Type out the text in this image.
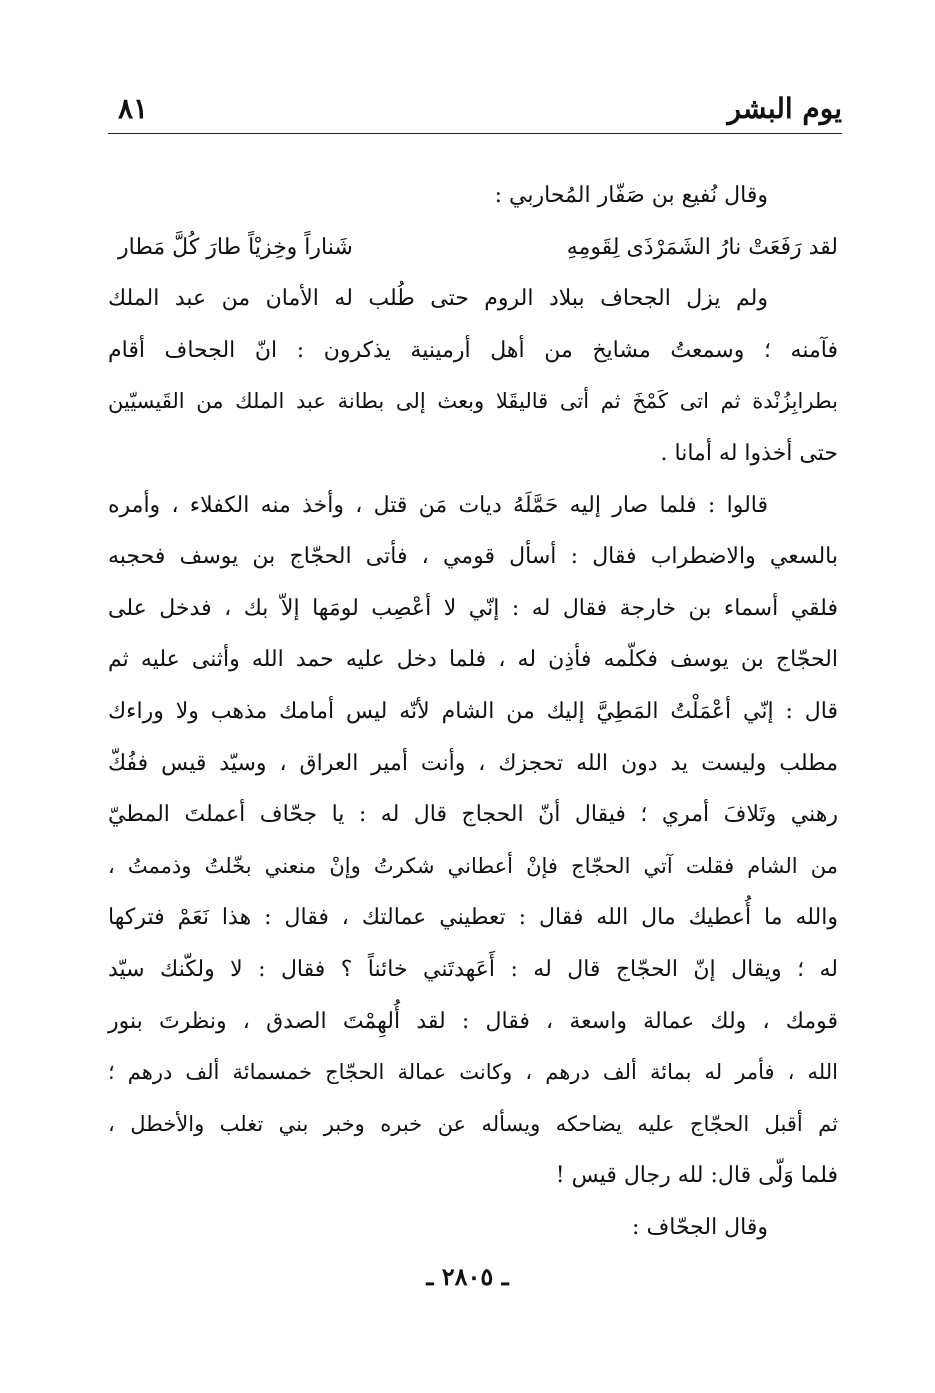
يوم البشر
٨١
وقال نُفيع بن صَفّار المُحاربي :
لقد رَفَعَتْ نارُ الشَمَرْذَى لِقَومِهِ
شَناراً وخِزيْاً طارَ كُلَّ مَطار
ولم يزل الجحاف ببلاد الروم حتى طُلب له الأمان من عبد الملك
فآمنه ؛ وسمعتُ مشايخ من أهل أرمينية يذكرون : انّ الجحاف أقام
بطرابِزُنْدة ثم اتى كَمْخَ ثم أتى قاليقَلا وبعث إلى بطانة عبد الملك من القَيسيّين
حتى أخذوا له أمانا .
قالوا : فلما صار إليه حَمَّلَهُ ديات مَن قتل ، وأخذ منه الكفلاء ، وأمره
بالسعي والاضطراب فقال : أسأل قومي ، فأتى الحجّاج بن يوسف فحجبه
فلقي أسماء بن خارجة فقال له : إنّي لا أعْصِب لومَها إلاّ بك ، فدخل على
الحجّاج بن يوسف فكلّمه فأذِن له ، فلما دخل عليه حمد الله وأثنى عليه ثم
قال : إنّي أعْمَلْتُ المَطِيَّ إليك من الشام لأنّه ليس أمامك مذهب ولا وراءك
مطلب وليست يد دون الله تحجزك ، وأنت أمير العراق ، وسيّد قيس ففُكّ
رهني وتَلافَ أمري ؛ فيقال أنّ الحجاج قال له : يا جحّاف أعملتَ المطيّ
من الشام فقلت آتي الحجّاج فإنْ أعطاني شكرتُ وإنْ منعني بخّلتُ وذممتُ ،
والله ما أُعطيك مال الله فقال : تعطيني عمالتك ، فقال : هذا نَعَمْ فتركها
له ؛ ويقال إنّ الحجّاج قال له : أَعَهدتَني خائناً ؟ فقال : لا ولكّنك سيّد
قومك ، ولك عمالة واسعة ، فقال : لقد أُلهِمْتَ الصدق ، ونظرتَ بنور
الله ، فأمر له بمائة ألف درهم ، وكانت عمالة الحجّاج خمسمائة ألف درهم ؛
ثم أقبل الحجّاج عليه يضاحكه ويسأله عن خبره وخبر بني تغلب والأخطل ،
فلما وَلّى قال: لله رجال قيس !
وقال الجحّاف :
ـ ٢٨٠٥ ـ
